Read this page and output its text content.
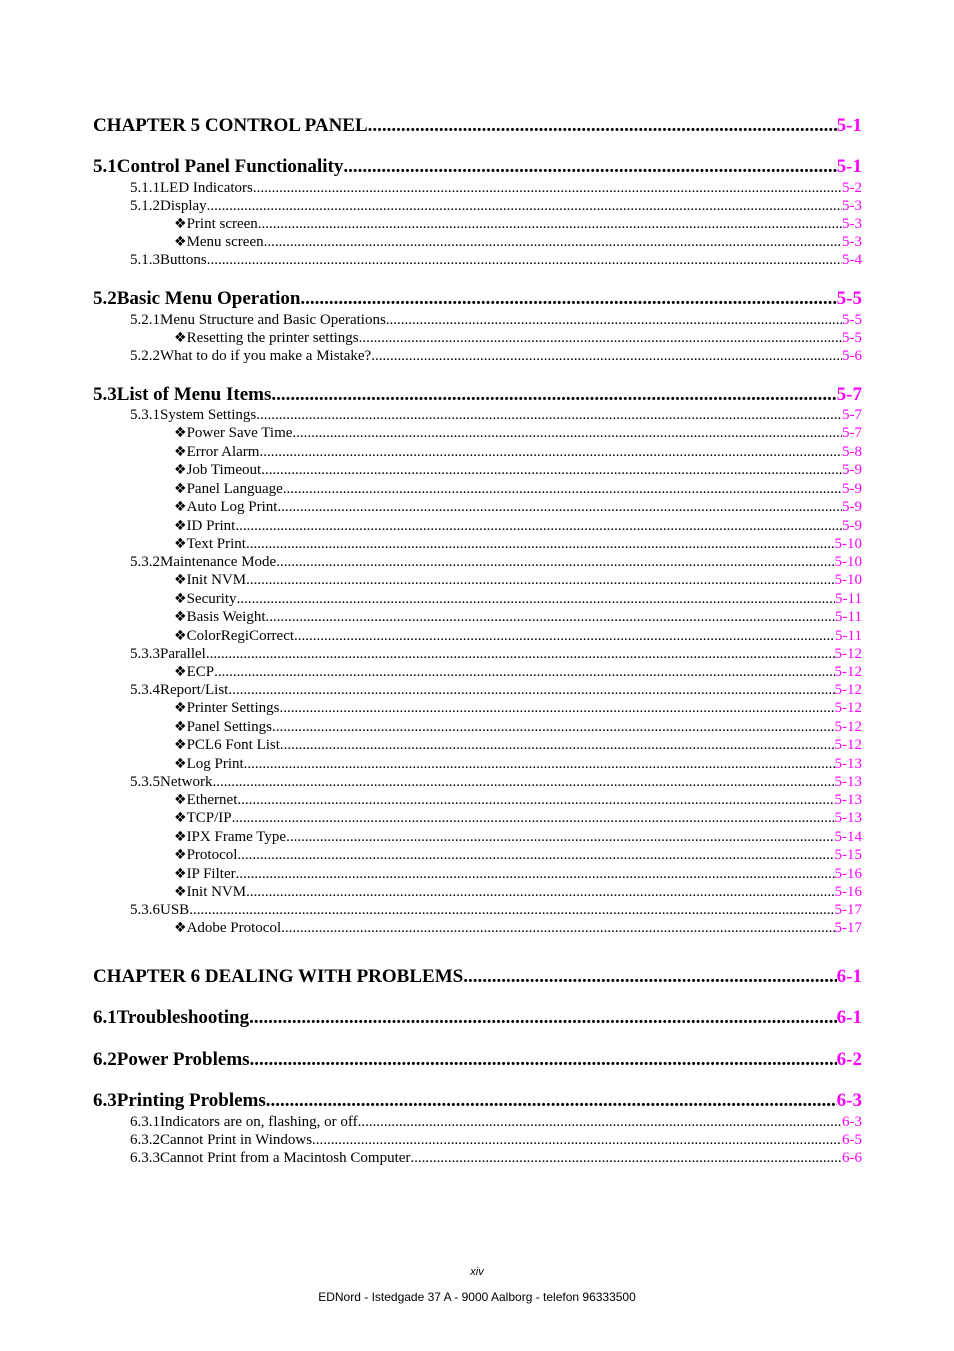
CHAPTER 5 CONTROL PANEL .....	5-1
5.1 Control Panel Functionality .....	5-1
5.1.1 LED Indicators .....	5-2
5.1.2 Display .....	5-3
❖ Print screen .....	5-3
❖ Menu screen .....	5-3
5.1.3 Buttons .....	5-4
5.2 Basic Menu Operation .....	5-5
5.2.1 Menu Structure and Basic Operations .....	5-5
❖ Resetting the printer settings .....	5-5
5.2.2 What to do if you make a Mistake? .....	5-6
5.3 List of Menu Items .....	5-7
5.3.1 System Settings .....	5-7
❖ Power Save Time .....	5-7
❖ Error Alarm .....	5-8
❖ Job Timeout .....	5-9
❖ Panel Language .....	5-9
❖ Auto Log Print .....	5-9
❖ ID Print .....	5-9
❖ Text Print .....	5-10
5.3.2 Maintenance Mode .....	5-10
❖ Init NVM .....	5-10
❖ Security .....	5-11
❖ Basis Weight .....	5-11
❖ ColorRegiCorrect .....	5-11
5.3.3 Parallel .....	5-12
❖ ECP .....	5-12
5.3.4 Report/List .....	5-12
❖ Printer Settings .....	5-12
❖ Panel Settings .....	5-12
❖ PCL6 Font List .....	5-12
❖ Log Print .....	5-13
5.3.5 Network .....	5-13
❖ Ethernet .....	5-13
❖ TCP/IP .....	5-13
❖ IPX Frame Type .....	5-14
❖ Protocol .....	5-15
❖ IP Filter .....	5-16
❖ Init NVM .....	5-16
5.3.6 USB .....	5-17
❖ Adobe Protocol .....	5-17
CHAPTER 6 DEALING WITH PROBLEMS .....	6-1
6.1 Troubleshooting .....	6-1
6.2 Power Problems .....	6-2
6.3 Printing Problems .....	6-3
6.3.1 Indicators are on, flashing, or off. .....	6-3
6.3.2 Cannot Print in Windows .....	6-5
6.3.3 Cannot Print from a Macintosh Computer .....	6-6
xiv
EDNord - Istedgade 37 A - 9000 Aalborg - telefon 96333500
